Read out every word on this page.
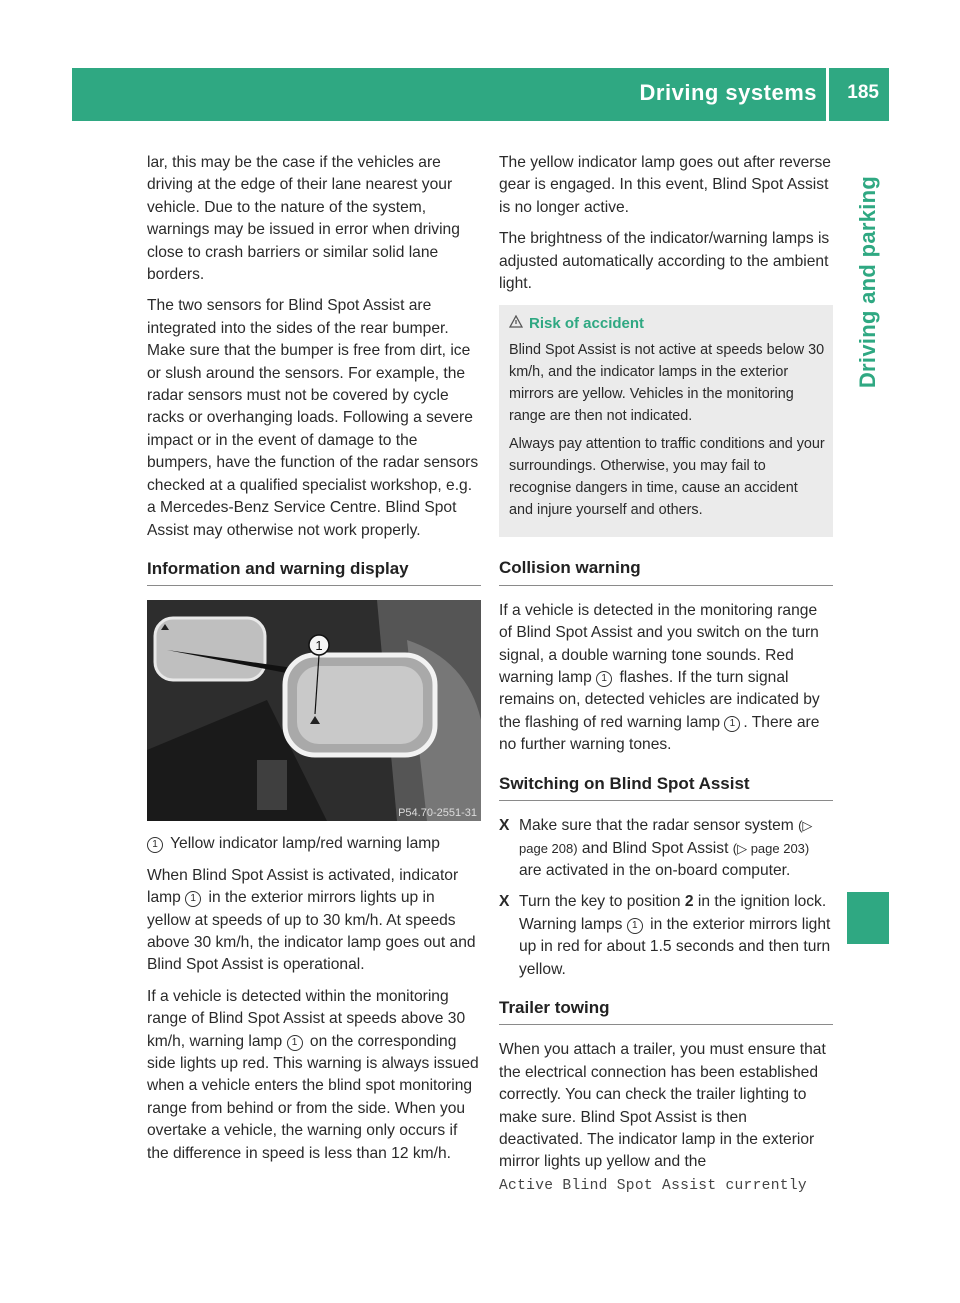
Driving systems 185
Driving and parking

lar, this may be the case if the vehicles are driving at the edge of their lane nearest your vehicle. Due to the nature of the system, warnings may be issued in error when driving close to crash barriers or similar solid lane borders.

The two sensors for Blind Spot Assist are integrated into the sides of the rear bumper. Make sure that the bumper is free from dirt, ice or slush around the sensors. For example, the radar sensors must not be covered by cycle racks or overhanging loads. Following a severe impact or in the event of damage to the bumpers, have the function of the radar sensors checked at a qualified specialist workshop, e.g. a Mercedes-Benz Service Centre. Blind Spot Assist may otherwise not work properly.

Information and warning display
1
P54.70-2551-31

1 Yellow indicator lamp/red warning lamp

When Blind Spot Assist is activated, indicator lamp 1 in the exterior mirrors lights up in yellow at speeds of up to 30 km/h. At speeds above 30 km/h, the indicator lamp goes out and Blind Spot Assist is operational.

If a vehicle is detected within the monitoring range of Blind Spot Assist at speeds above 30 km/h, warning lamp 1 on the corresponding side lights up red. This warning is always issued when a vehicle enters the blind spot monitoring range from behind or from the side. When you overtake a vehicle, the warning only occurs if the difference in speed is less than 12 km/h.

The yellow indicator lamp goes out after reverse gear is engaged. In this event, Blind Spot Assist is no longer active.

The brightness of the indicator/warning lamps is adjusted automatically according to the ambient light.

Risk of accident

Blind Spot Assist is not active at speeds below 30 km/h, and the indicator lamps in the exterior mirrors are yellow. Vehicles in the monitoring range are then not indicated.

Always pay attention to traffic conditions and your surroundings. Otherwise, you may fail to recognise dangers in time, cause an accident and injure yourself and others.

Collision warning

If a vehicle is detected in the monitoring range of Blind Spot Assist and you switch on the turn signal, a double warning tone sounds. Red warning lamp 1 flashes. If the turn signal remains on, detected vehicles are indicated by the flashing of red warning lamp 1 . There are no further warning tones.

Switching on Blind Spot Assist
X Make sure that the radar sensor system (▷ page 208) and Blind Spot Assist (▷ page 203) are activated in the on-board computer.
X Turn the key to position 2 in the ignition lock.
Warning lamps 1 in the exterior mirrors light up in red for about 1.5 seconds and then turn yellow.
Trailer towing

When you attach a trailer, you must ensure that the electrical connection has been established correctly. You can check the trailer lighting to make sure. Blind Spot Assist is then deactivated. The indicator lamp in the exterior mirror lights up yellow and the
Active Blind Spot Assist currently
